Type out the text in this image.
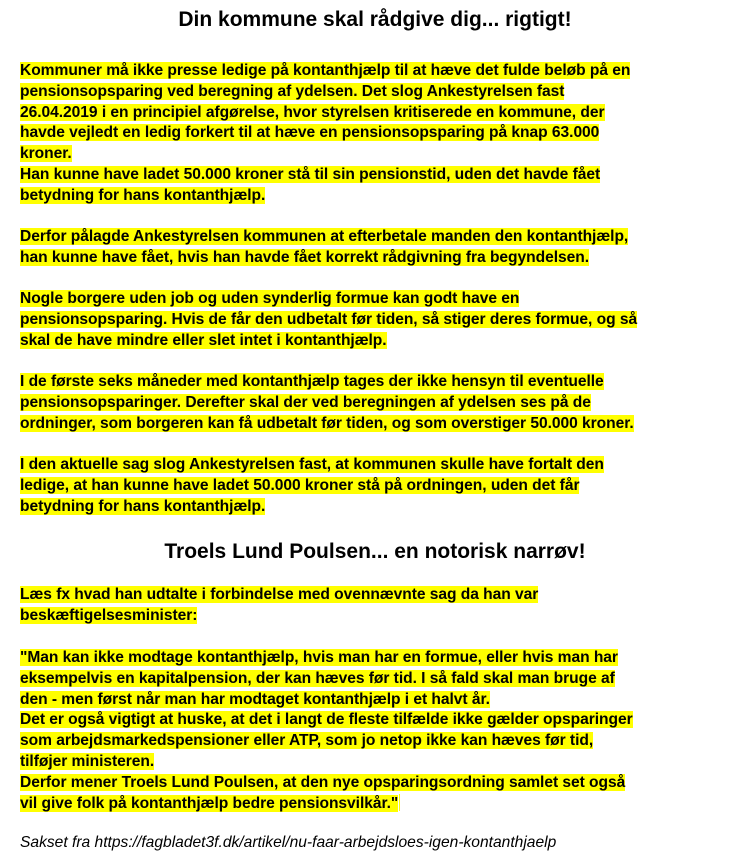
Din kommune skal rådgive dig... rigtigt!
Kommuner må ikke presse ledige på kontanthjælp til at hæve det fulde beløb på en
pensionsopsparing ved beregning af ydelsen. Det slog Ankestyrelsen fast
26.04.2019 i en principiel afgørelse, hvor styrelsen kritiserede en kommune, der
havde vejledt en ledig forkert til at hæve en pensionsopsparing på knap 63.000
kroner.
Han kunne have ladet 50.000 kroner stå til sin pensionstid, uden det havde fået
betydning for hans kontanthjælp.
Derfor pålagde Ankestyrelsen kommunen at efterbetale manden den kontanthjælp,
han kunne have fået, hvis han havde fået korrekt rådgivning fra begyndelsen.
Nogle borgere uden job og uden synderlig formue kan godt have en
pensionsopsparing. Hvis de får den udbetalt før tiden, så stiger deres formue, og så
skal de have mindre eller slet intet i kontanthjælp.
I de første seks måneder med kontanthjælp tages der ikke hensyn til eventuelle
pensionsopsparinger. Derefter skal der ved beregningen af ydelsen ses på de
ordninger, som borgeren kan få udbetalt før tiden, og som overstiger 50.000 kroner.
I den aktuelle sag slog Ankestyrelsen fast, at kommunen skulle have fortalt den
ledige, at han kunne have ladet 50.000 kroner stå på ordningen, uden det får
betydning for hans kontanthjælp.
Troels Lund Poulsen... en notorisk narrøv!
Læs fx hvad han udtalte i forbindelse med ovennævnte sag da han var
beskæftigelsesminister:
"Man kan ikke modtage kontanthjælp, hvis man har en formue, eller hvis man har
eksempelvis en kapitalpension, der kan hæves før tid. I så fald skal man bruge af
den - men først når man har modtaget kontanthjælp i et halvt år.
Det er også vigtigt at huske, at det i langt de fleste tilfælde ikke gælder opsparinger
som arbejdsmarkedspensioner eller ATP, som jo netop ikke kan hæves før tid,
tilføjer ministeren.
Derfor mener Troels Lund Poulsen, at den nye opsparingsordning samlet set også
vil give folk på kontanthjælp bedre pensionsvilkår."

Sakset fra https://fagbladet3f.dk/artikel/nu-faar-arbejdsloes-igen-kontanthjaelp
